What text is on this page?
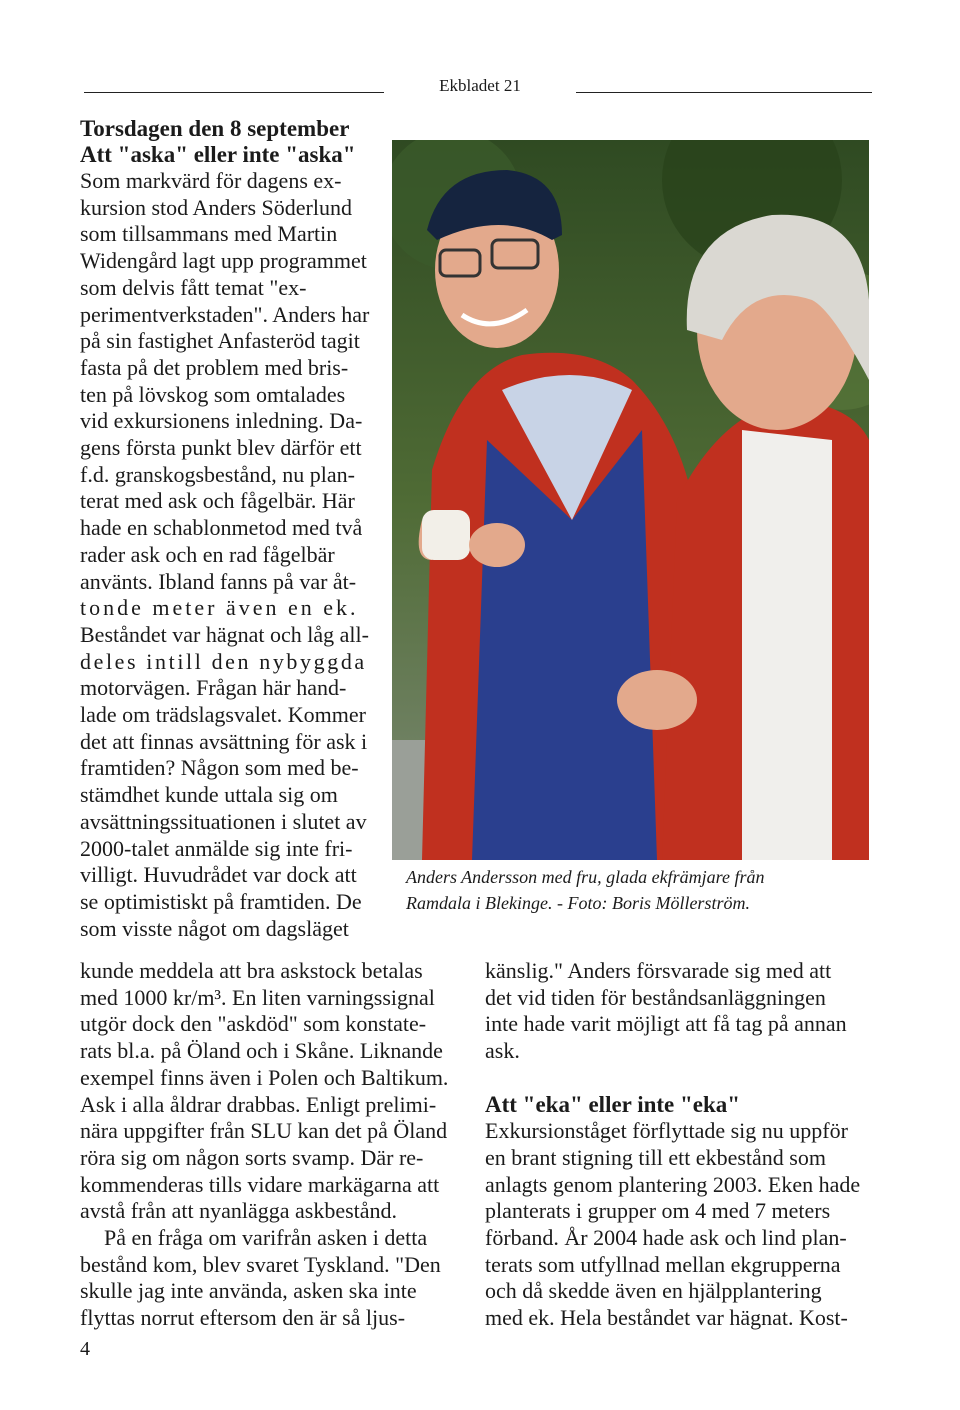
Ekbladet 21
Torsdagen den 8 september
Att "aska" eller inte "aska"
Som markvärd för dagens ex-
kursion stod Anders Söderlund
som tillsammans med Martin
Widengård lagt upp programmet
som delvis fått temat "ex-
perimentverkstaden". Anders har
på sin fastighet Anfasteröd tagit
fasta på det problem med bris-
ten på lövskog som omtalades
vid exkursionens inledning. Da-
gens första punkt blev därför ett
f.d. granskogsbestånd, nu plan-
terat med ask och fågelbär. Här
hade en schablonmetod med två
rader ask och en rad fågelbär
använts. Ibland fanns på var åt-
tonde meter även en ek.
Beståndet var hägnat och låg all-
deles intill den nybyggda
motorvägen. Frågan här hand-
lade om trädslagsvalet. Kommer
det att finnas avsättning för ask i
framtiden? Någon som med be-
stämdhet kunde uttala sig om
avsättningssituationen i slutet av
2000-talet anmälde sig inte fri-
villigt. Huvudrådet var dock att
se optimistiskt på framtiden. De
som visste något om dagsläget
kunde meddela att bra askstock betalas
med 1000 kr/m³. En liten varningssignal
utgör dock den "askdöd" som konstate-
rats bl.a. på Öland och i Skåne. Liknande
exempel finns även i Polen och Baltikum.
Ask i alla åldrar drabbas. Enligt prelimi-
nära uppgifter från SLU kan det på Öland
röra sig om någon sorts svamp. Där re-
kommenderas tills vidare markägarna att
avstå från att nyanlägga askbestånd.
På en fråga om varifrån asken i detta
bestånd kom, blev svaret Tyskland. "Den
skulle jag inte använda, asken ska inte
flyttas norrut eftersom den är så ljus-
Anders Andersson med fru, glada ekfrämjare från
Ramdala i Blekinge. - Foto: Boris Möllerström.
känslig." Anders försvarade sig med att
det vid tiden för beståndsanläggningen
inte hade varit möjligt att få tag på annan
ask.
Att "eka" eller inte "eka"
Exkursionståget förflyttade sig nu uppför
en brant stigning till ett ekbestånd som
anlagts genom plantering 2003. Eken hade
planterats i grupper om 4 med 7 meters
förband. År 2004 hade ask och lind plan-
terats som utfyllnad mellan ekgrupperna
och då skedde även en hjälpplantering
med ek. Hela beståndet var hägnat. Kost-
4
